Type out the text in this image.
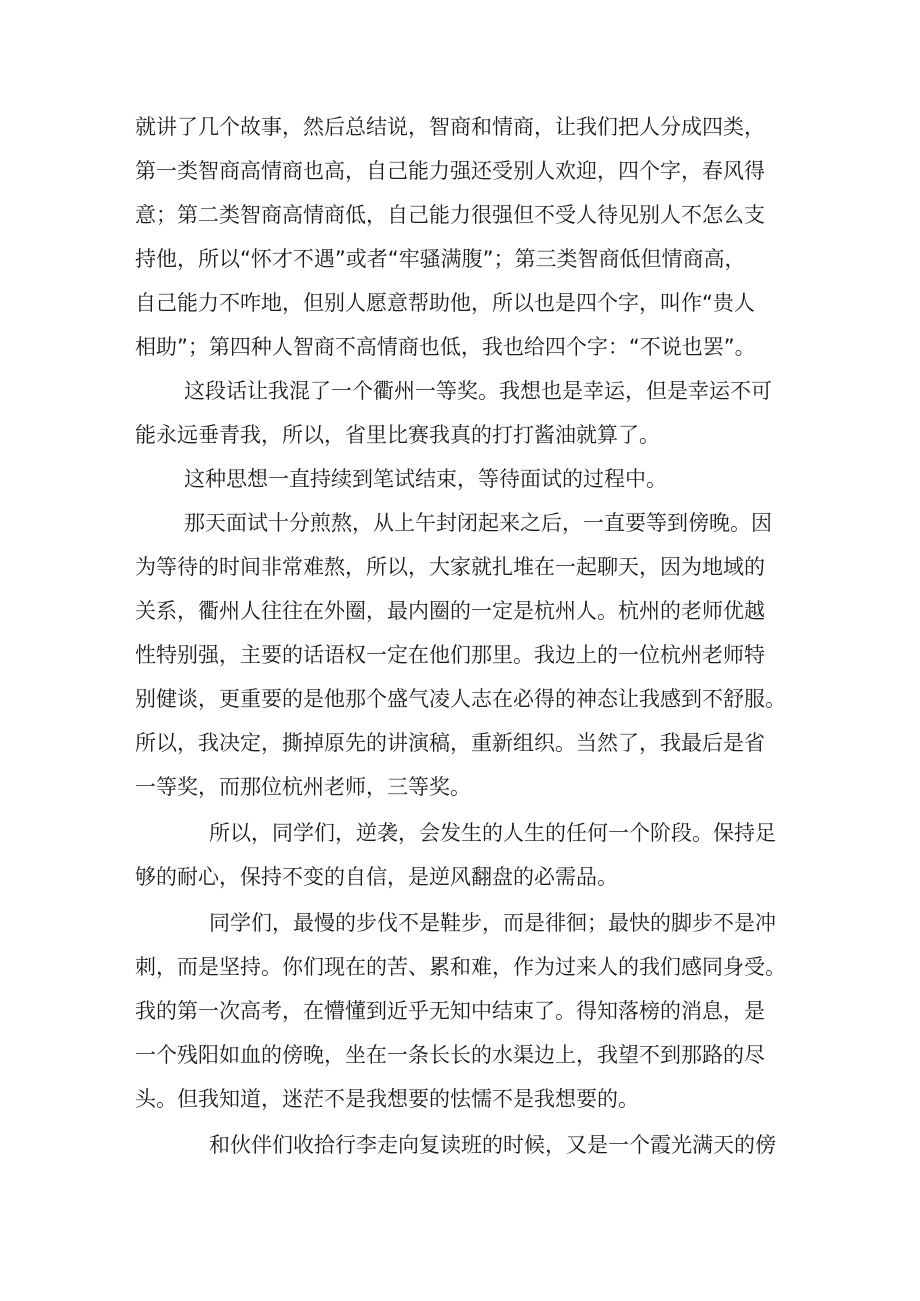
就讲了几个故事，然后总结说，智商和情商，让我们把人分成四类，

第一类智商高情商也高，自己能力强还受别人欢迎，四个字，春风得

意；第二类智商高情商低，自己能力很强但不受人待见别人不怎么支

持他，所以“怀才不遇”或者“牢骚满腹”；第三类智商低但情商高，

自己能力不咋地，但别人愿意帮助他，所以也是四个字，叫作“贵人

相助”；第四种人智商不高情商也低，我也给四个字：“不说也罢”。

这段话让我混了一个衢州一等奖。我想也是幸运，但是幸运不可

能永远垂青我，所以，省里比赛我真的打打酱油就算了。

这种思想一直持续到笔试结束，等待面试的过程中。

那天面试十分煎熬，从上午封闭起来之后，一直要等到傍晚。因

为等待的时间非常难熬，所以，大家就扎堆在一起聊天，因为地域的

关系，衢州人往往在外圈，最内圈的一定是杭州人。杭州的老师优越

性特别强，主要的话语权一定在他们那里。我边上的一位杭州老师特

别健谈，更重要的是他那个盛气凌人志在必得的神态让我感到不舒服。

所以，我决定，撕掉原先的讲演稿，重新组织。当然了，我最后是省

一等奖，而那位杭州老师，三等奖。

所以，同学们，逆袭，会发生的人生的任何一个阶段。保持足

够的耐心，保持不变的自信，是逆风翻盘的必需品。

同学们，最慢的步伐不是鞋步，而是徘徊；最快的脚步不是冲

刺，而是坚持。你们现在的苦、累和难，作为过来人的我们感同身受。

我的第一次高考，在懵懂到近乎无知中结束了。得知落榜的消息，是

一个残阳如血的傍晚，坐在一条长长的水渠边上，我望不到那路的尽

头。但我知道，迷茫不是我想要的怯懦不是我想要的。

和伙伴们收拾行李走向复读班的时候，又是一个霞光满天的傍
